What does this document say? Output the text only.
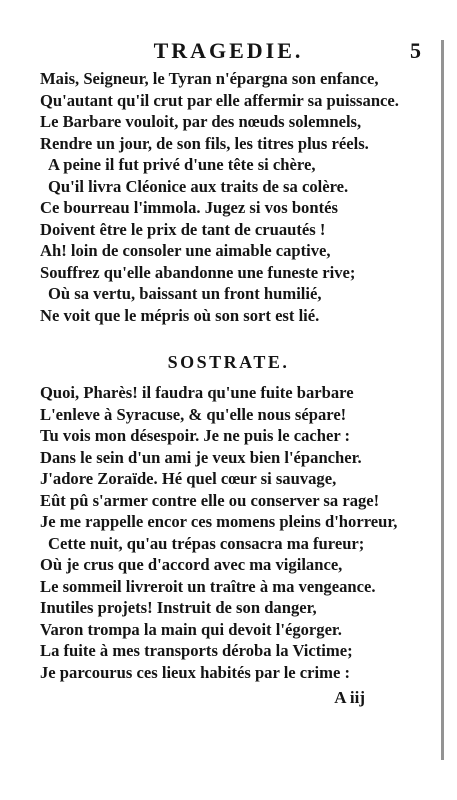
TRAGEDIE.	5
Mais, Seigneur, le Tyran n'épargna son enfance,
Qu'autant qu'il crut par elle affermir sa puissance.
Le Barbare vouloit, par des nœuds solemnels,
Rendre un jour, de son fils, les titres plus réels.
A peine il fut privé d'une tête si chère,
Qu'il livra Cléonice aux traits de sa colère.
Ce bourreau l'immola. Jugez si vos bontés
Doivent être le prix de tant de cruautés !
Ah! loin de consoler une aimable captive,
Souffrez qu'elle abandonne une funeste rive;
Où sa vertu, baissant un front humilié,
Ne voit que le mépris où son sort est lié.
SOSTRATE.
Quoi, Pharès! il faudra qu'une fuite barbare
L'enleve à Syracuse, & qu'elle nous sépare!
Tu vois mon désespoir. Je ne puis le cacher :
Dans le sein d'un ami je veux bien l'épancher.
J'adore Zoraïde. Hé quel cœur si sauvage,
Eût pû s'armer contre elle ou conserver sa rage!
Je me rappelle encor ces momens pleins d'horreur,
Cette nuit, qu'au trépas consacra ma fureur;
Où je crus que d'accord avec ma vigilance,
Le sommeil livreroit un traître à ma vengeance.
Inutiles projets! Instruit de son danger,
Varon trompa la main qui devoit l'égorger.
La fuite à mes transports déroba la Victime;
Je parcourus ces lieux habités par le crime :
A iij
